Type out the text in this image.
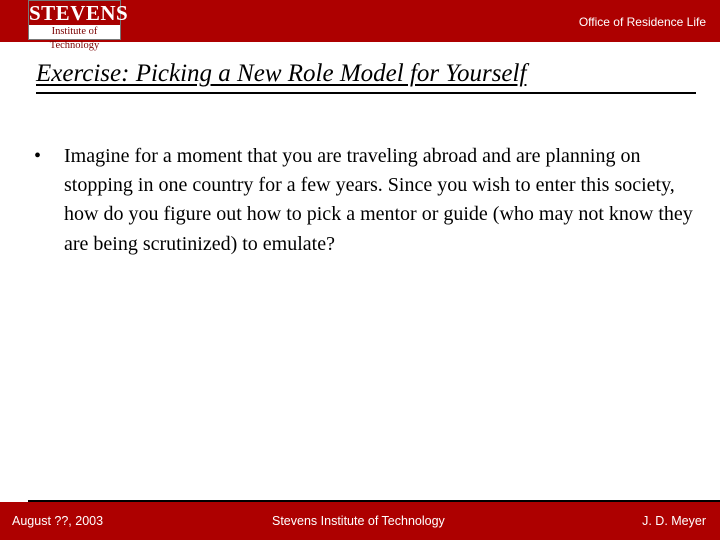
STEVENS
Institute of Technology
Office of Residence Life
Exercise: Picking a New Role Model for Yourself
• Imagine for a moment that you are traveling abroad and are planning on stopping in one country for a few years. Since you wish to enter this society, how do you figure out how to pick a mentor or guide (who may not know they are being scrutinized) to emulate?
August ??, 2003	Stevens Institute of Technology	J. D. Meyer
